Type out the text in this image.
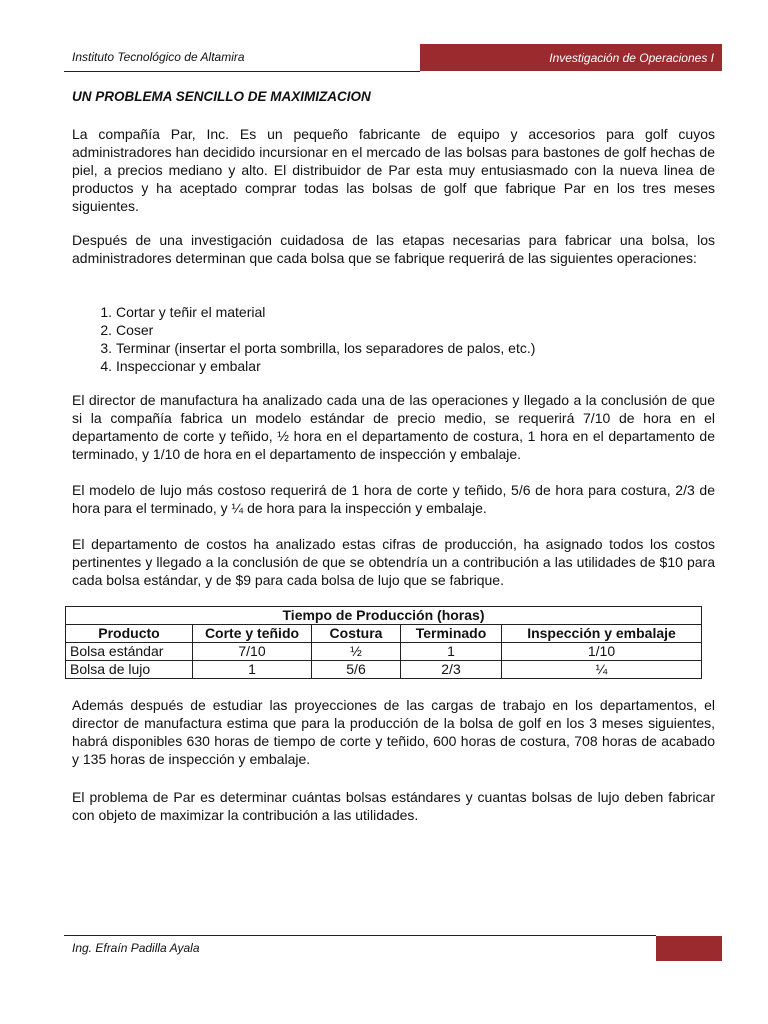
Instituto Tecnológico de Altamira	Investigación de Operaciones I
UN PROBLEMA SENCILLO DE MAXIMIZACION

La compañía Par, Inc. Es un pequeño fabricante de equipo y accesorios para golf cuyos administradores han decidido incursionar en el mercado de las bolsas para bastones de golf hechas de piel, a precios mediano y alto. El distribuidor de Par esta muy entusiasmado con la nueva linea de productos y ha aceptado comprar todas las bolsas de golf que fabrique Par en los tres meses siguientes.

Después de una investigación cuidadosa de las etapas necesarias para fabricar una bolsa, los administradores determinan que cada bolsa que se fabrique requerirá de las siguientes operaciones:

1 . Cortar y teñir el material
2 . Coser
3 . Terminar (insertar el porta sombrilla, los separadores de palos, etc.)
4 . Inspeccionar y embalar

El director de manufactura ha analizado cada una de las operaciones y llegado a la conclusión de que si la compañía fabrica un modelo estándar de precio medio, se requerirá 7/10 de hora en el departamento de corte y teñido, ½ hora en el departamento de costura, 1 hora en el departamento de terminado, y 1/10 de hora en el departamento de inspección y embalaje.

El modelo de lujo más costoso requerirá de 1 hora de corte y teñido, 5/6 de hora para costura, 2/3 de hora para el terminado, y ¼ de hora para la inspección y embalaje.

El departamento de costos ha analizado estas cifras de producción, ha asignado todos los costos pertinentes y llegado a la conclusión de que se obtendría un a contribución a las utilidades de $10 para cada bolsa estándar, y de $9 para cada bolsa de lujo que se fabrique.

Tiempo de Producción (horas)				
Producto	Corte y teñido	Costura	Terminado	Inspección y embalaje
Bolsa estándar	7/10	½	1	1/10
Bolsa de lujo	1	5/6	2/3	¼

Además después de estudiar las proyecciones de las cargas de trabajo en los departamentos, el director de manufactura estima que para la producción de la bolsa de golf en los 3 meses siguientes, habrá disponibles 630 horas de tiempo de corte y teñido, 600 horas de costura, 708 horas de acabado y 135 horas de inspección y embalaje.

El problema de Par es determinar cuántas bolsas estándares y cuantas bolsas de lujo deben fabricar con objeto de maximizar la contribución a las utilidades.

Ing. Efraín Padilla Ayala
